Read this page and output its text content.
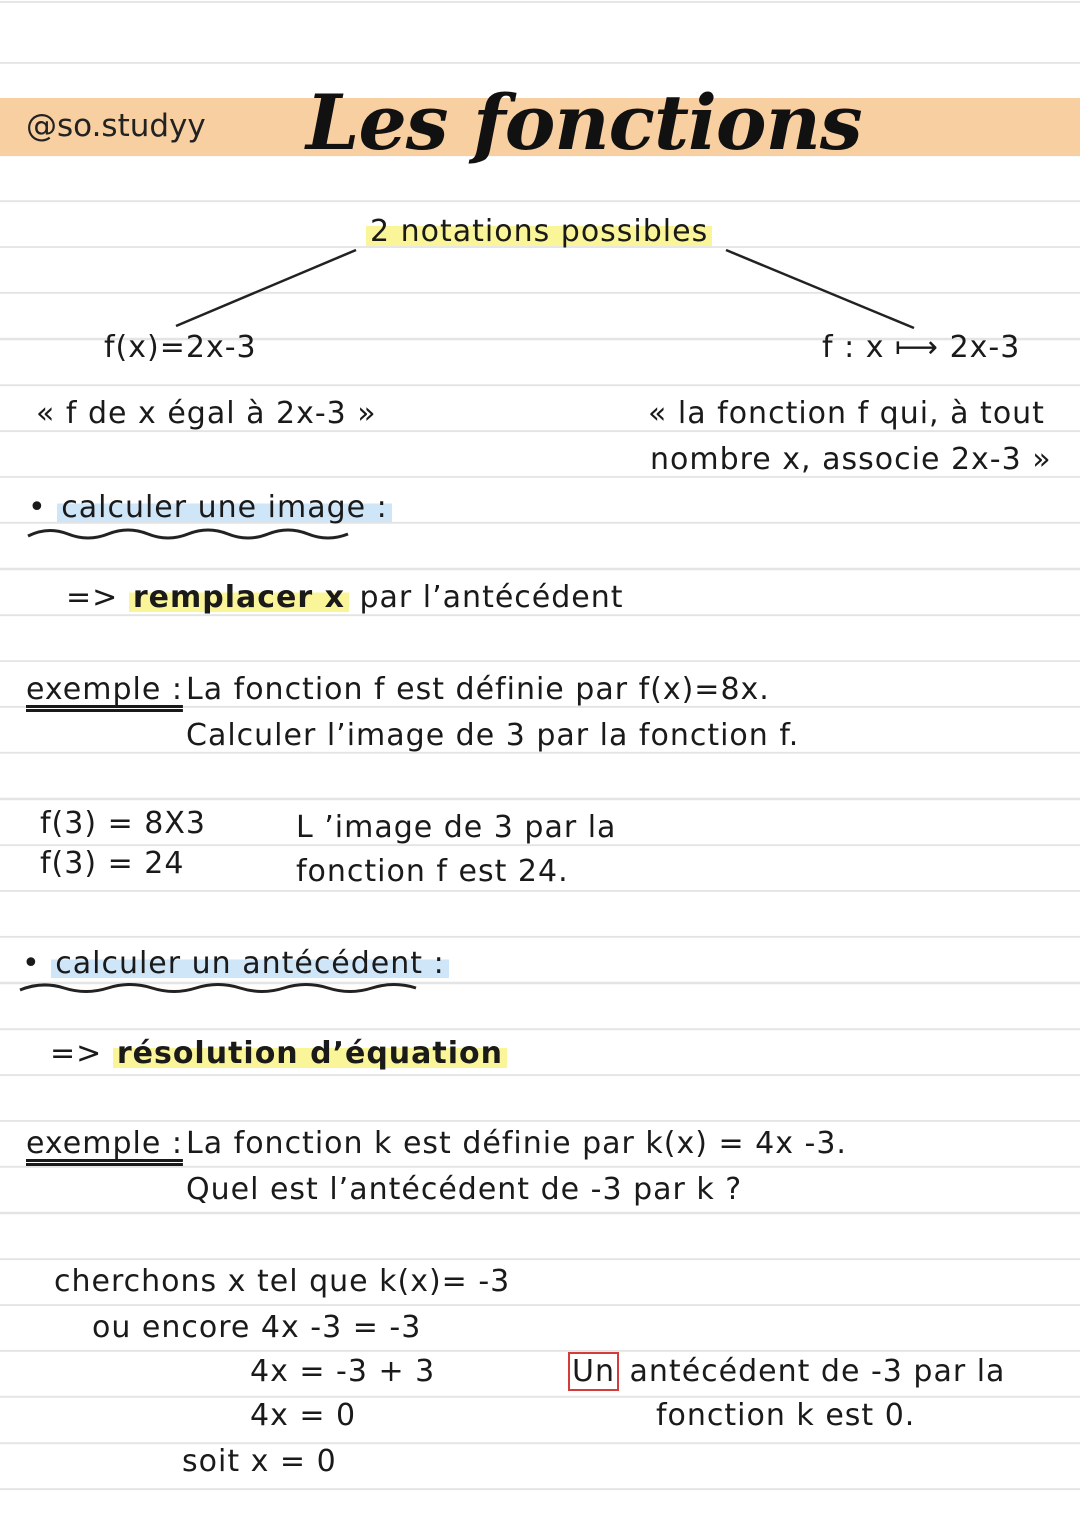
@so.studyy Les fonctions
2 notations possibles
f(x)=2x-3
« f de x égal à 2x-3 »
f : x ⟼ 2x-3
« la fonction f qui, à tout
nombre x, associe 2x-3 »
• calculer une image :
=> remplacer x par l’antécédent
exemple : La fonction f est définie par f(x)=8x.
Calculer l’image de 3 par la fonction f.
f(3) = 8X3
f(3) = 24
L ’image de 3 par la
fonction f est 24.
• calculer un antécédent :
=> résolution d’équation
exemple : La fonction k est définie par k(x) = 4x -3.
Quel est l’antécédent de -3 par k ?
cherchons x tel que k(x)= -3
ou encore 4x -3 = -3
4x = -3 + 3
4x = 0
soit x = 0
Un antécédent de -3 par la
fonction k est 0.
